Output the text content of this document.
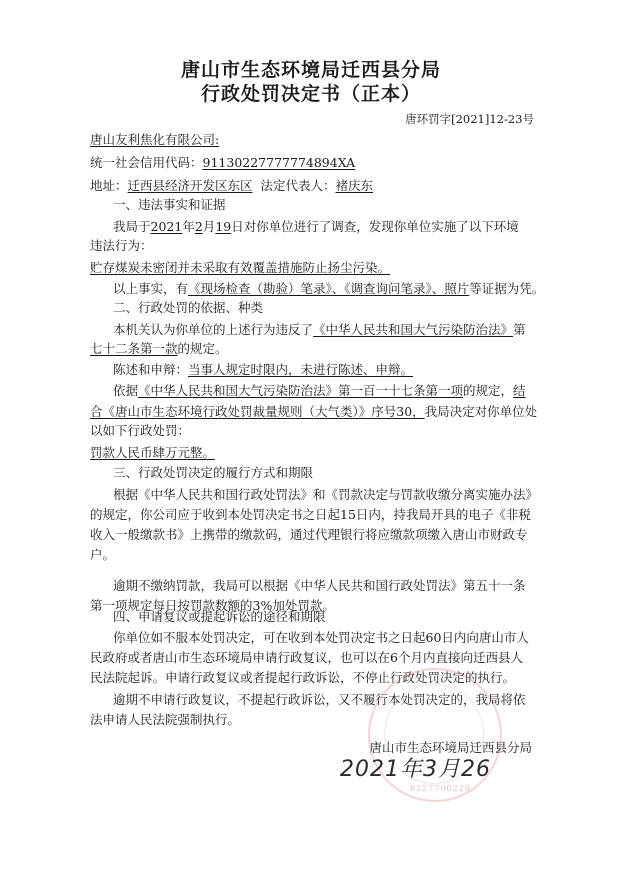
唐山市生态环境局迁西县分局
行政处罚决定书（正本）
唐环罚字[2021]12-23号
唐山友利焦化有限公司:
统一社会信用代码：91130227777774894XA
地址：迁西县经济开发区东区 法定代表人：褚庆东
一、违法事实和证据
我局于2021年2月19日对你单位进行了调查，发现你单位实施了以下环境
违法行为：
贮存煤炭未密闭并未采取有效覆盖措施防止扬尘污染。
以上事实，有《现场检查（勘验）笔录》、《调查询问笔录》、照片等证据为凭。
二、行政处罚的依据、种类
本机关认为你单位的上述行为违反了《中华人民共和国大气污染防治法》第
七十二条第一款的规定。
陈述和申辩：当事人规定时限内，未进行陈述、申辩。
依据《中华人民共和国大气污染防治法》第一百一十七条第一项的规定，结
合《唐山市生态环境行政处罚裁量规则（大气类）》序号30，我局决定对你单位处
以如下行政处罚：
罚款人民币肆万元整。
三、行政处罚决定的履行方式和期限
根据《中华人民共和国行政处罚法》和《罚款决定与罚款收缴分离实施办法》
的规定，你公司应于收到本处罚决定书之日起15日内，持我局开具的电子《非税
收入一般缴款书》上携带的缴款码，通过代理银行将应缴款项缴入唐山市财政专
户。
逾期不缴纳罚款，我局可以根据《中华人民共和国行政处罚法》第五十一条
第一项规定每日按罚款数额的3%加处罚款。
四、申请复议或提起诉讼的途径和期限
你单位如不服本处罚决定，可在收到本处罚决定书之日起60日内向唐山市人
民政府或者唐山市生态环境局申请行政复议，也可以在6个月内直接向迁西县人
民法院起诉。申请行政复议或者提起行政诉讼，不停止行政处罚决定的执行。
逾期不申请行政复议，不提起行政诉讼，又不履行本处罚决定的，我局将依
法申请人民法院强制执行。
0227700229
唐山市生态环境局迁西县分局
2021年3月26
